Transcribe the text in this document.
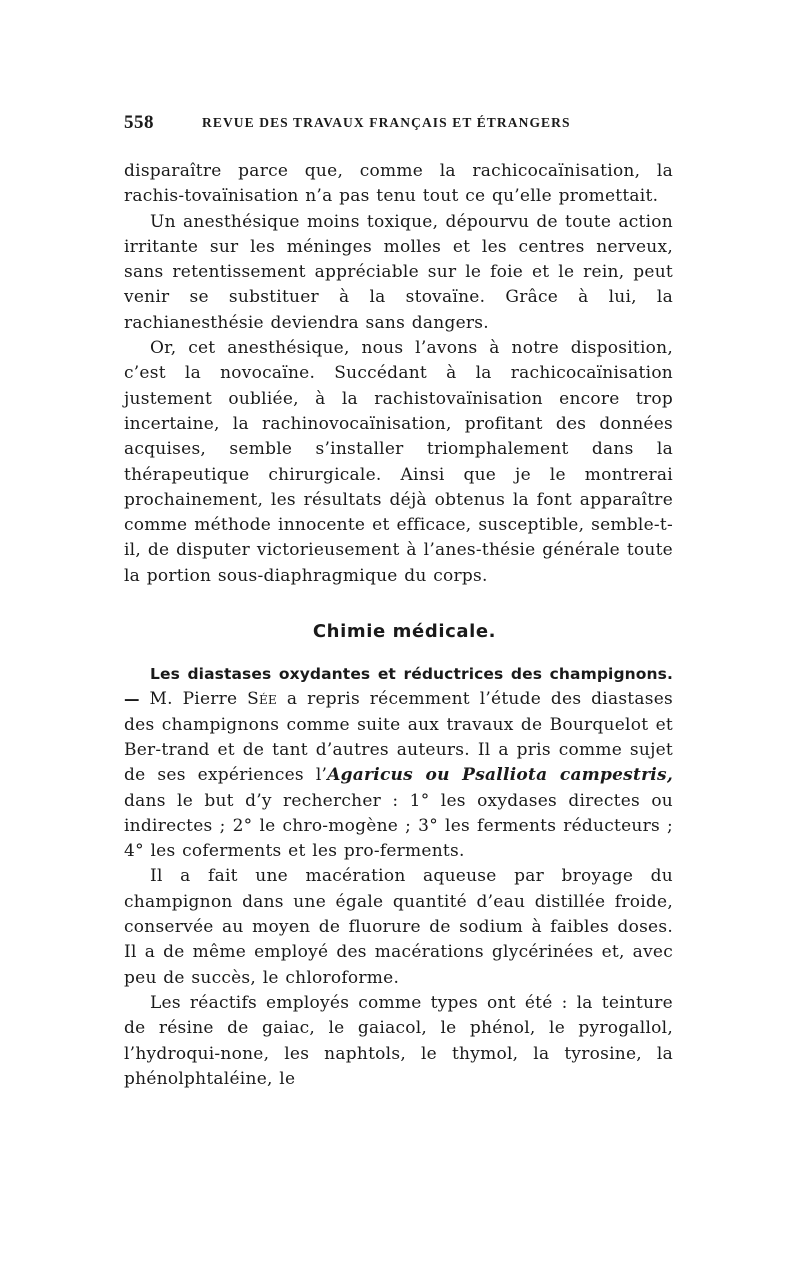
558	REVUE DES TRAVAUX FRANÇAIS ET ÉTRANGERS

disparaître parce que, comme la rachicocaïnisation, la rachis-tovaïnisation n’a pas tenu tout ce qu’elle promettait.

Un anesthésique moins toxique, dépourvu de toute action irritante sur les méninges molles et les centres nerveux, sans retentissement appréciable sur le foie et le rein, peut venir se substituer à la stovaïne. Grâce à lui, la rachianesthésie deviendra sans dangers.

Or, cet anesthésique, nous l’avons à notre disposition, c’est la novocaïne. Succédant à la rachicocaïnisation justement oubliée, à la rachistovaïnisation encore trop incertaine, la rachinovocaïnisation, profitant des données acquises, semble s’installer triomphalement dans la thérapeutique chirurgicale. Ainsi que je le montrerai prochainement, les résultats déjà obtenus la font apparaître comme méthode innocente et efficace, susceptible, semble-t-il, de disputer victorieusement à l’anes-thésie générale toute la portion sous-diaphragmique du corps.

Chimie médicale.

Les diastases oxydantes et réductrices des champignons. — M. Pierre Sée a repris récemment l’étude des diastases des champignons comme suite aux travaux de Bourquelot et Ber-trand et de tant d’autres auteurs. Il a pris comme sujet de ses expériences l’Agaricus ou Psalliota campestris, dans le but d’y rechercher : 1° les oxydases directes ou indirectes ; 2° le chro-mogène ; 3° les ferments réducteurs ; 4° les coferments et les pro-ferments.

Il a fait une macération aqueuse par broyage du champignon dans une égale quantité d’eau distillée froide, conservée au moyen de fluorure de sodium à faibles doses. Il a de même employé des macérations glycérinées et, avec peu de succès, le chloroforme.

Les réactifs employés comme types ont été : la teinture de résine de gaiac, le gaiacol, le phénol, le pyrogallol, l’hydroqui-none, les naphtols, le thymol, la tyrosine, la phénolphtaléine, le
